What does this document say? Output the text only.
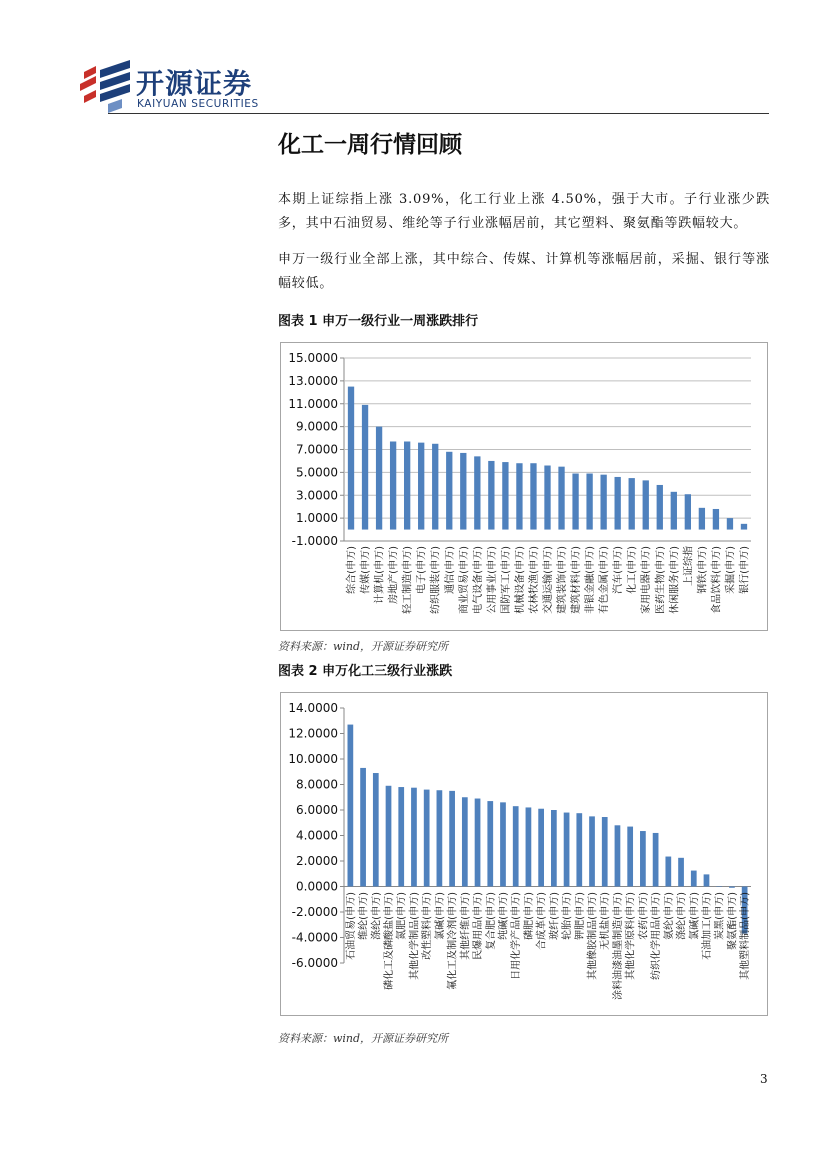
开源证券
KAIYUAN SECURITIES
化工一周行情回顾

本期上证综指上涨 3.09%，化工行业上涨 4.50%，强于大市。子行业涨少跌多，其中石油贸易、维纶等子行业涨幅居前，其它塑料、聚氨酯等跌幅较大。

申万一级行业全部上涨，其中综合、传媒、计算机等涨幅居前，采掘、银行等涨幅较低。

图表 1 申万一级行业一周涨跌排行
15.0000
13.0000
11.0000
9.0000
7.0000
5.0000
3.0000
1.0000
-1.0000
综合(申万) 传媒(申万) 计算机(申万) 房地产(申万) 轻工制造(申万) 电子(申万) 纺织服装(申万) 通信(申万) 商业贸易(申万) 电气设备(申万) 公用事业(申万) 国防军工(申万) 机械设备(申万) 农林牧渔(申万) 交通运输(申万) 建筑装饰(申万) 建筑材料(申万) 非银金融(申万) 有色金属(申万) 汽车(申万) 化工(申万) 家用电器(申万) 医药生物(申万) 休闲服务(申万) 上证综指 钢铁(申万) 食品饮料(申万) 采掘(申万) 银行(申万)
资料来源：wind，开源证券研究所
图表 2 申万化工三级行业涨跌
14.0000
12.0000
10.0000
8.0000
6.0000
4.0000
2.0000
0.0000
-2.0000
-4.0000
-6.0000
石油贸易(申万) 维纶(申万) 涤纶(申万) 磷化工及磷酸盐(申万) 氮肥(申万) 其他化学制品(申万) 改性塑料(申万) 氯碱(申万) 氟化工及制冷剂(申万) 其他纤维(申万) 民爆用品(申万) 复合肥(申万) 纯碱(申万) 日用化学产品(申万) 磷肥(申万) 合成革(申万) 玻纤(申万) 轮胎(申万) 钾肥(申万) 其他橡胶制品(申万) 无机盐(申万) 涂料油漆油墨制造(申万) 其他化学原料(申万) 农药(申万) 纺织化学用品(申万) 氨纶(申万) 涤纶(申万) 氯碱(申万) 石油加工(申万) 炭黑(申万) 聚氨酯(申万) 其他塑料制品(申万)
资料来源：wind，开源证券研究所
3
